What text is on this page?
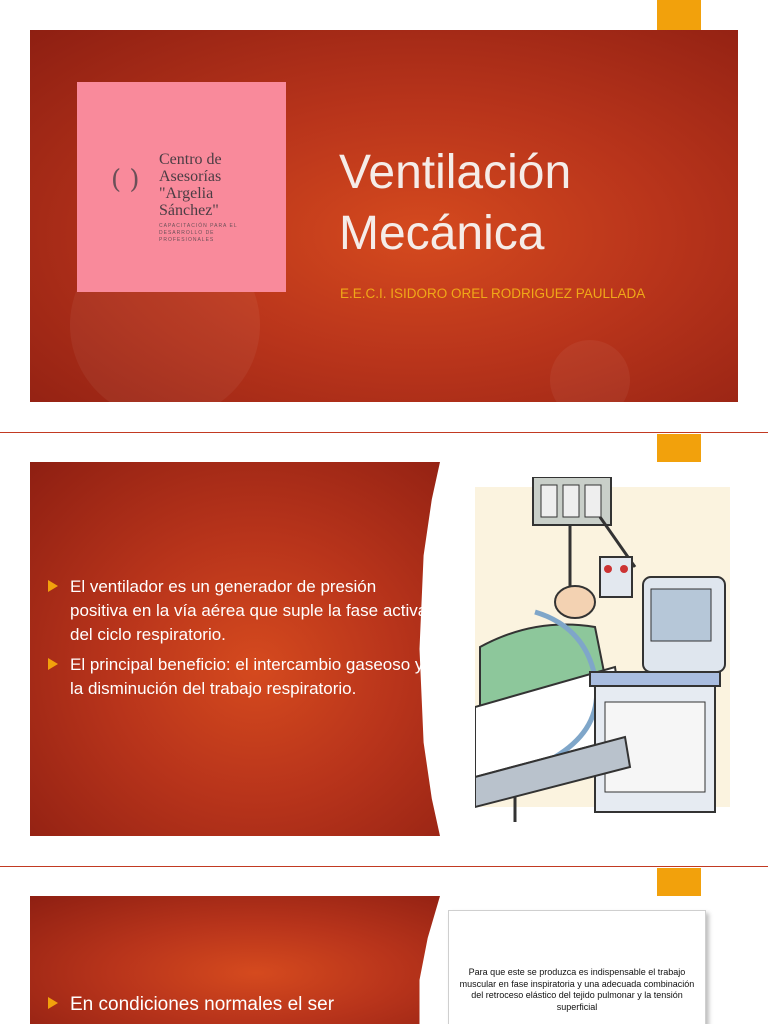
( )
Centro de
Asesorías
"Argelia
Sánchez"
CAPACITACIÓN PARA EL DESARROLLO DE PROFESIONALES
Ventilación
Mecánica
E.E.C.I. ISIDORO OREL RODRIGUEZ PAULLADA
El ventilador es un generador de presión positiva en la vía aérea que suple la fase activa del ciclo respiratorio.
El principal beneficio: el intercambio gaseoso y la disminución del trabajo respiratorio.
En condiciones normales el ser
Para que este se produzca es indispensable el trabajo muscular en fase inspiratoria y una adecuada combinación del retroceso elástico del tejido pulmonar y la tensión superficial
